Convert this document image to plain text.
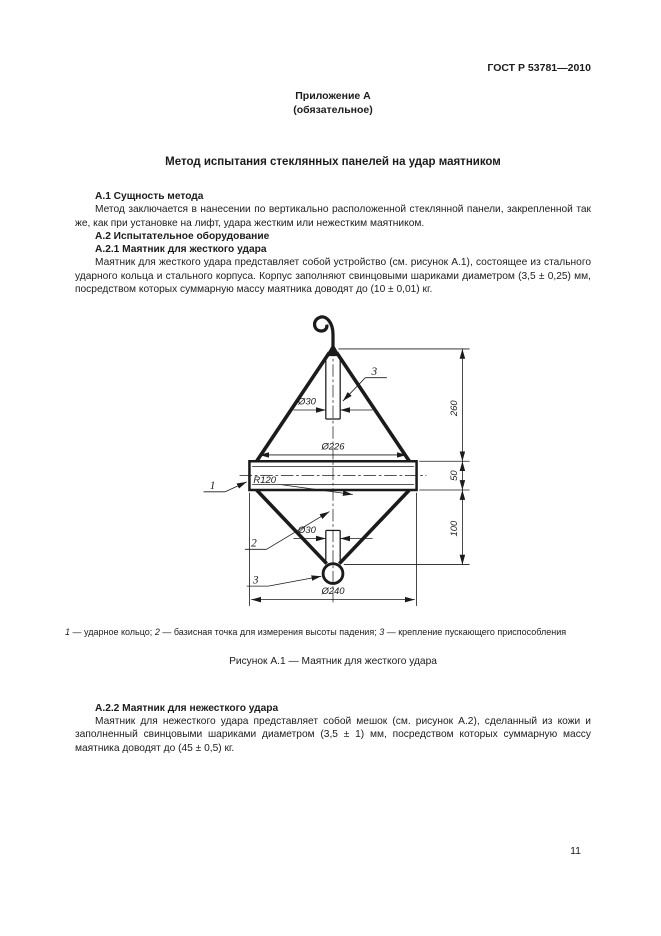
ГОСТ Р 53781—2010
Приложение А
(обязательное)
Метод испытания стеклянных панелей на удар маятником

А.1 Сущность метода

Метод заключается в нанесении по вертикально расположенной стеклянной панели, закрепленной так же, как при установке на лифт, удара жестким или нежестким маятником.

А.2 Испытательное оборудование

А.2.1 Маятник для жесткого удара

Маятник для жесткого удара представляет собой устройство (см. рисунок А.1), состоящее из стального ударного кольца и стального корпуса. Корпус заполняют свинцовыми шариками диаметром (3,5 ± 0,25) мм, посредством которых суммарную массу маятника доводят до (10 ± 0,01) кг.

Ø30
Ø226
R120
Ø30
Ø240
260
50
100
1
2
3
3

1 — ударное кольцо; 2 — базисная точка для измерения высоты падения; 3 — крепление пускающего приспособления

Рисунок А.1 — Маятник для жесткого удара

А.2.2 Маятник для нежесткого удара

Маятник для нежесткого удара представляет собой мешок (см. рисунок А.2), сделанный из кожи и заполненный свинцовыми шариками диаметром (3,5 ± 1) мм, посредством которых суммарную массу маятника доводят до (45 ± 0,5) кг.

11
